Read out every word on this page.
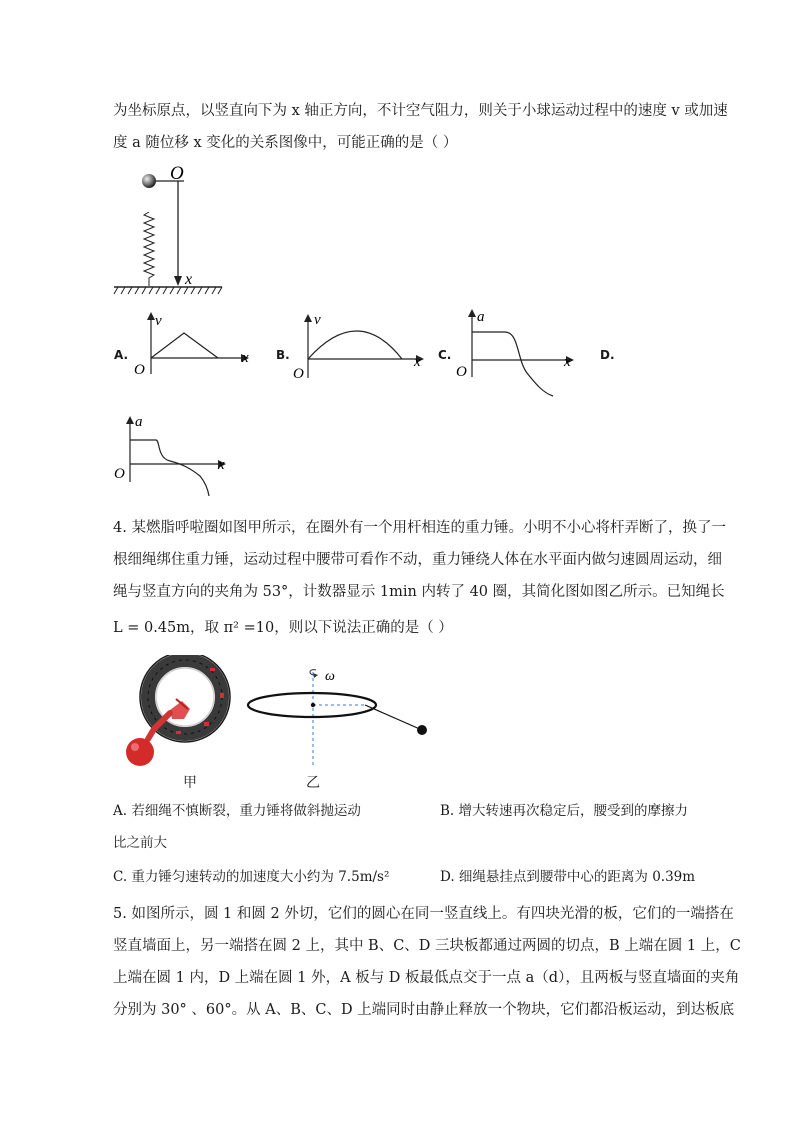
为坐标原点，以竖直向下为 x 轴正方向，不计空气阻力，则关于小球运动过程中的速度 v 或加速
度 a 随位移 x 变化的关系图像中，可能正确的是（ ）
O
x
A.
v
x
O
B.
v
x
O
C.
a
x
O
D.
a
x
O
4. 某燃脂呼啦圈如图甲所示，在圈外有一个用杆相连的重力锤。小明不小心将杆弄断了，换了一
根细绳绑住重力锤，运动过程中腰带可看作不动，重力锤绕人体在水平面内做匀速圆周运动，细
绳与竖直方向的夹角为 53°，计数器显示 1min 内转了 40 圈，其简化图如图乙所示。已知绳长
L = 0.45m，取 π² =10，则以下说法正确的是（ ）
甲
ω
乙
A. 若细绳不慎断裂，重力锤将做斜抛运动	B. 增大转速再次稳定后，腰受到的摩擦力
比之前大
C. 重力锤匀速转动的加速度大小约为 7.5m/s²	D. 细绳悬挂点到腰带中心的距离为 0.39m
5. 如图所示，圆 1 和圆 2 外切，它们的圆心在同一竖直线上。有四块光滑的板，它们的一端搭在
竖直墙面上，另一端搭在圆 2 上，其中 B、C、D 三块板都通过两圆的切点，B 上端在圆 1 上，C
上端在圆 1 内，D 上端在圆 1 外，A 板与 D 板最低点交于一点 a（d），且两板与竖直墙面的夹角
分别为 30° 、60°。从 A、B、C、D 上端同时由静止释放一个物块，它们都沿板运动，到达板底
